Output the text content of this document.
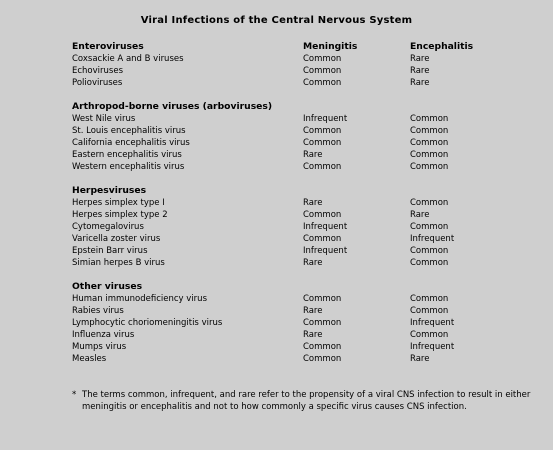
Viral Infections of the Central Nervous System
Enteroviruses	Meningitis	Encephalitis
Coxsackie A and B viruses	Common	Rare
Echoviruses	Common	Rare
Polioviruses	Common	Rare
Arthropod-borne viruses (arboviruses)
West Nile virus	Infrequent	Common
St. Louis encephalitis virus	Common	Common
California encephalitis virus	Common	Common
Eastern encephalitis virus	Rare	Common
Western encephalitis virus	Common	Common
Herpesviruses
Herpes simplex type I	Rare	Common
Herpes simplex type 2	Common	Rare
Cytomegalovirus	Infrequent	Common
Varicella zoster virus	Common	Infrequent
Epstein Barr virus	Infrequent	Common
Simian herpes B virus	Rare	Common
Other viruses
Human immunodeficiency virus	Common	Common
Rabies virus	Rare	Common
Lymphocytic choriomeningitis virus	Common	Infrequent
Influenza virus	Rare	Common
Mumps virus	Common	Infrequent
Measles	Common	Rare
* The terms common, infrequent, and rare refer to the propensity of a viral CNS infection to result in either meningitis or encephalitis and not to how commonly a specific virus causes CNS infection.
